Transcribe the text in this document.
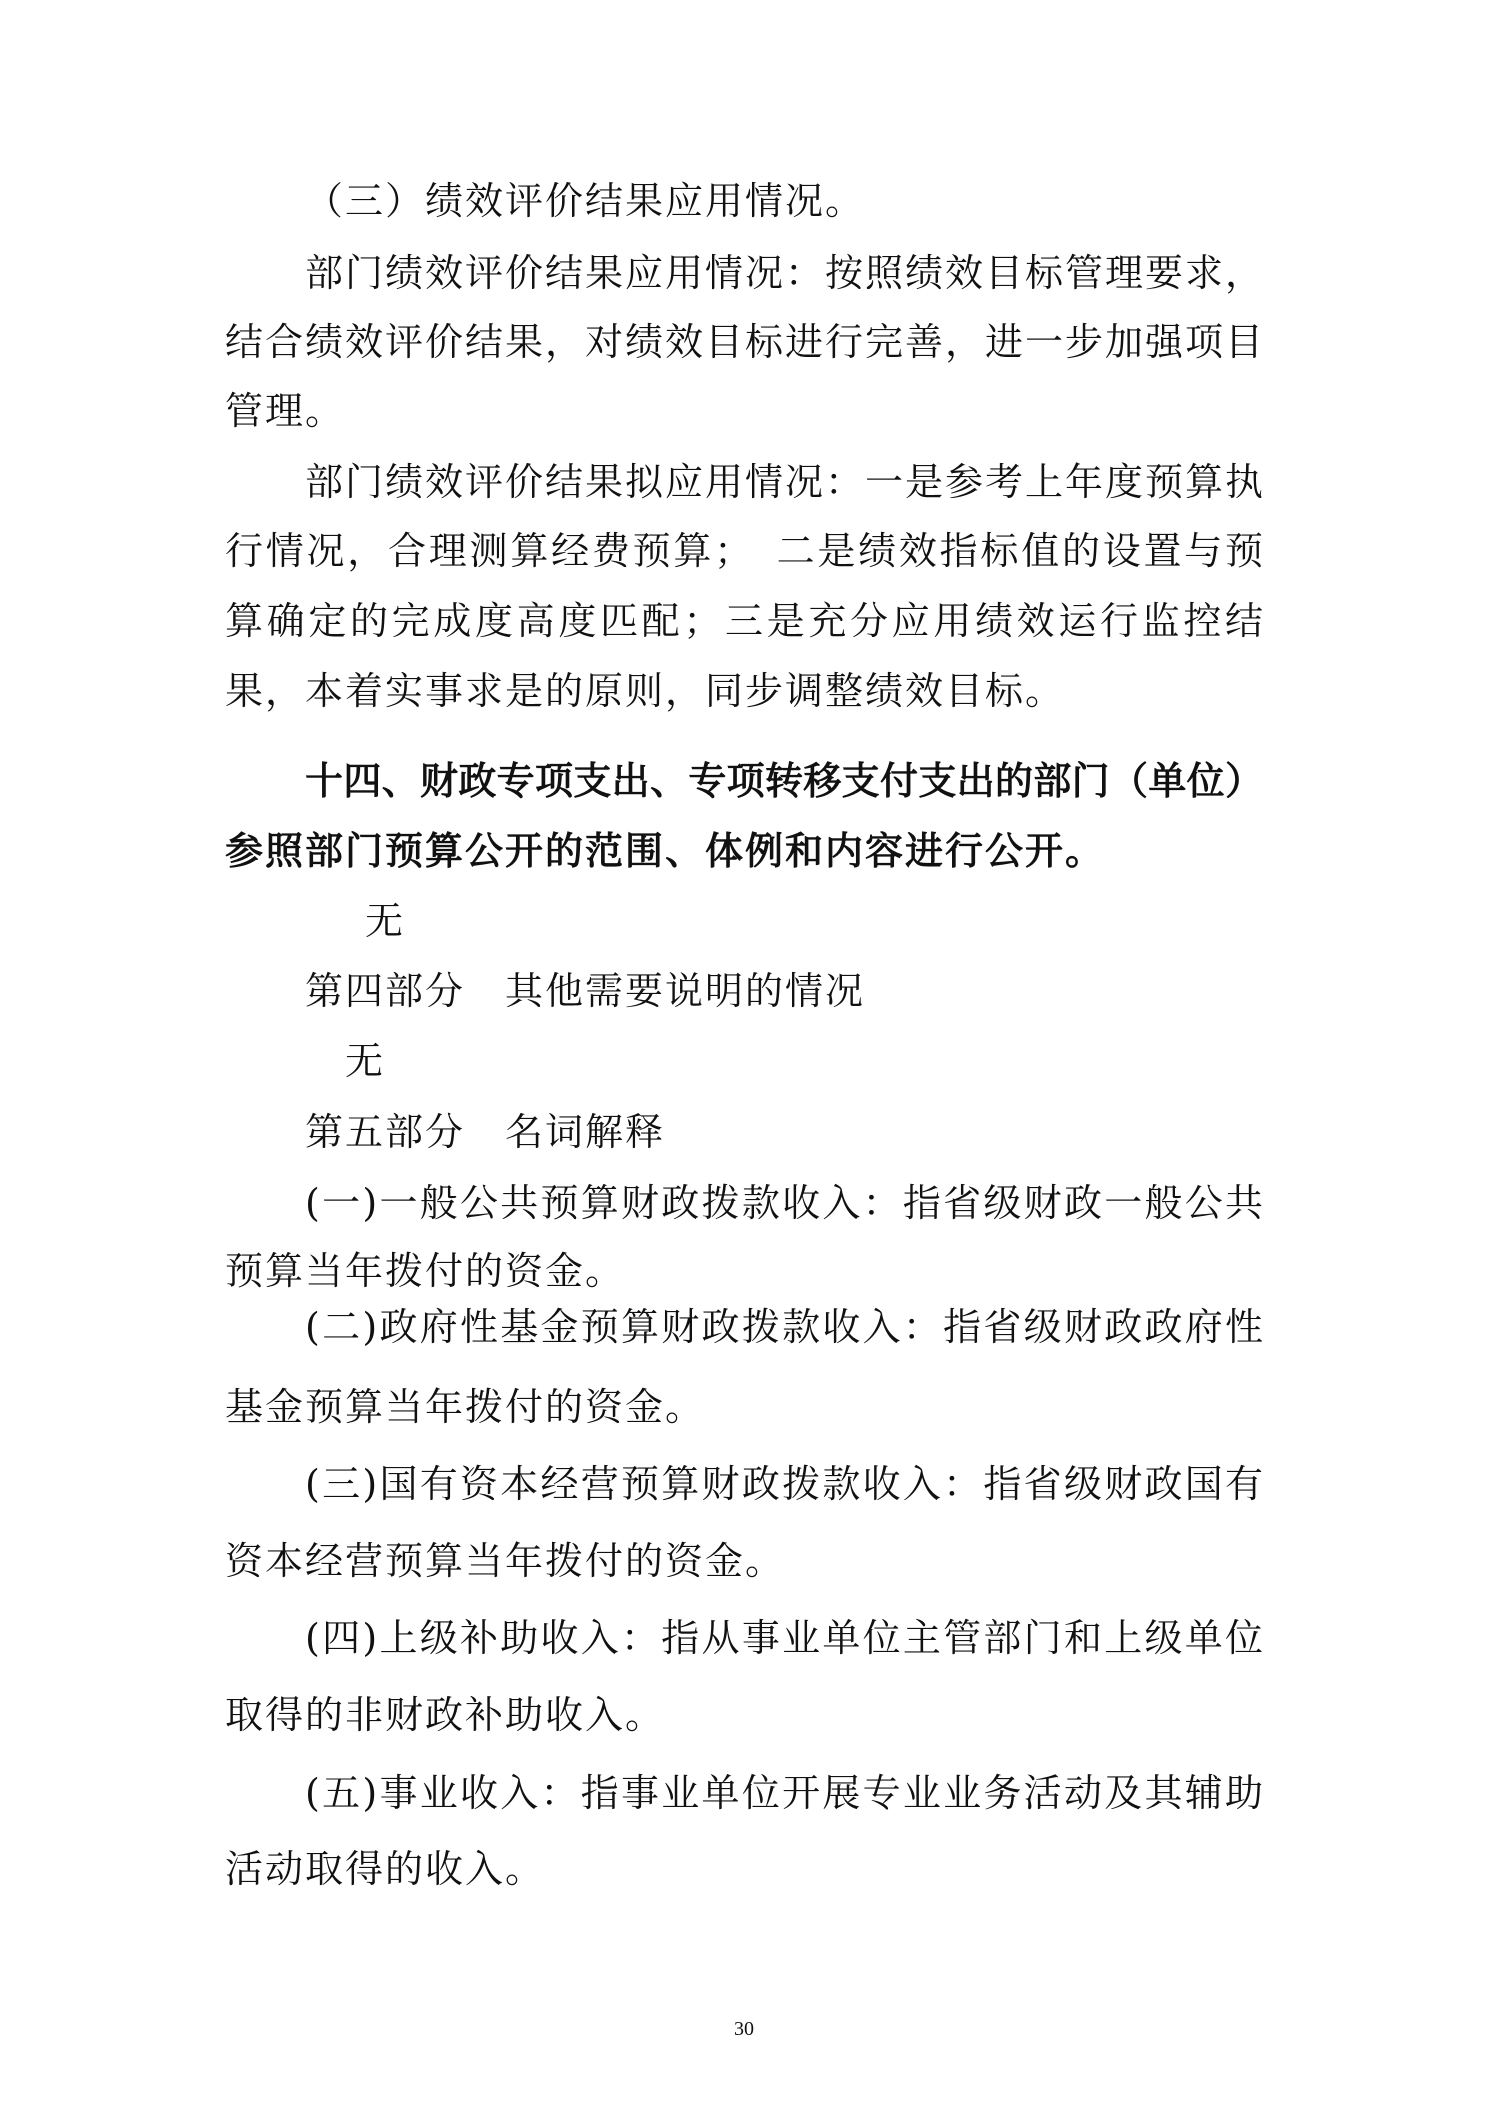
（三）绩效评价结果应用情况。
部门绩效评价结果应用情况：按照绩效目标管理要求，
结合绩效评价结果，对绩效目标进行完善，进一步加强项目
管理。
部门绩效评价结果拟应用情况：一是参考上年度预算执
行情况，合理测算经费预算；　二是绩效指标值的设置与预
算确定的完成度高度匹配；三是充分应用绩效运行监控结
果，本着实事求是的原则，同步调整绩效目标。
十四、财政专项支出、专项转移支付支出的部门（单位）
参照部门预算公开的范围、体例和内容进行公开。
无
第四部分　其他需要说明的情况
无
第五部分　名词解释
(一)一般公共预算财政拨款收入：指省级财政一般公共
预算当年拨付的资金。
(二)政府性基金预算财政拨款收入：指省级财政政府性
基金预算当年拨付的资金。
(三)国有资本经营预算财政拨款收入：指省级财政国有
资本经营预算当年拨付的资金。
(四)上级补助收入：指从事业单位主管部门和上级单位
取得的非财政补助收入。
(五)事业收入：指事业单位开展专业业务活动及其辅助
活动取得的收入。
30
